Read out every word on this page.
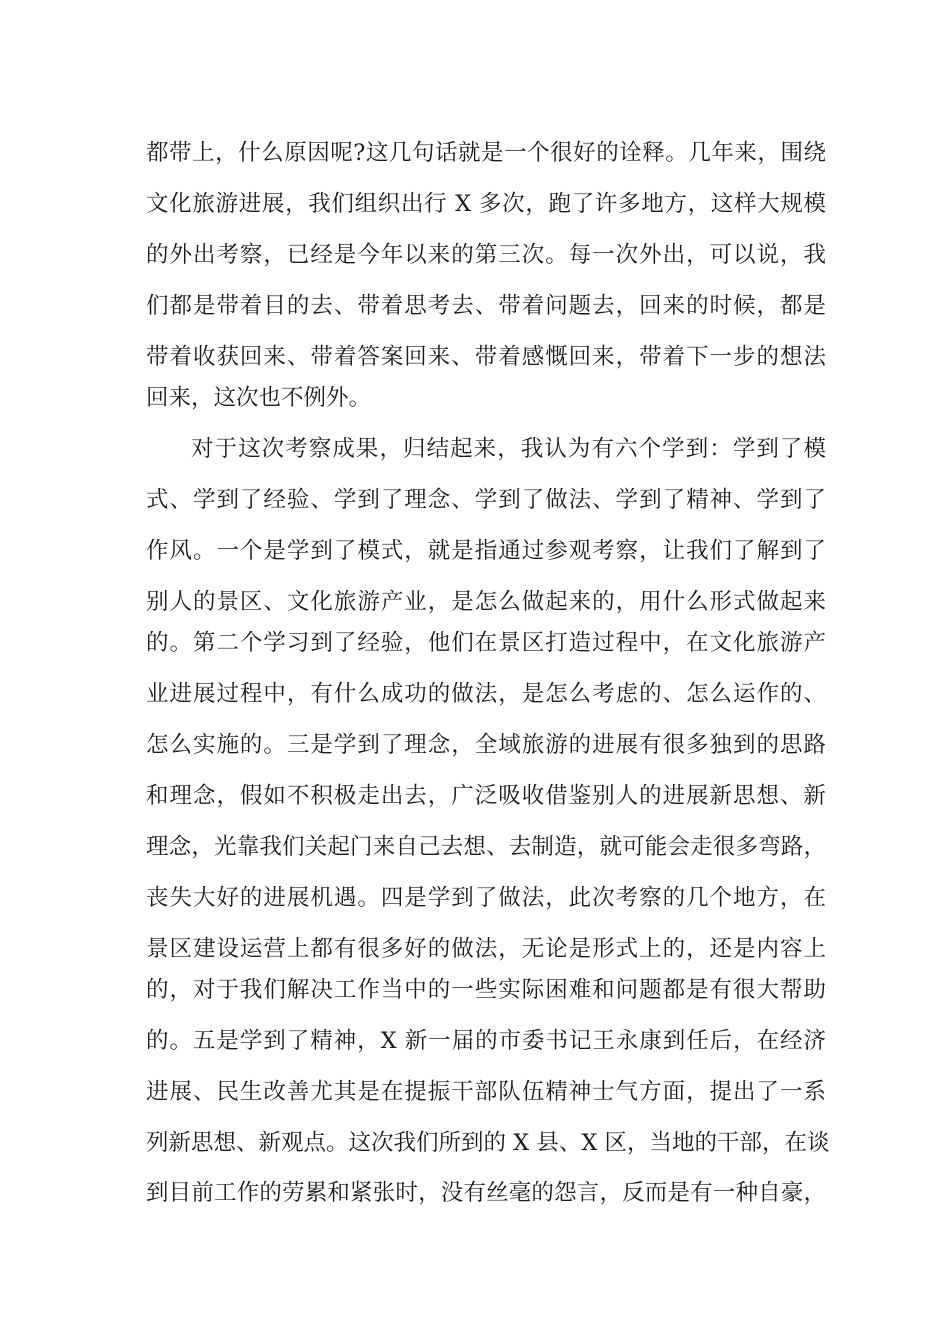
都带上，什么原因呢?这几句话就是一个很好的诠释。几年来，围绕
文化旅游进展，我们组织出行 X 多次，跑了许多地方，这样大规模
的外出考察，已经是今年以来的第三次。每一次外出，可以说，我
们都是带着目的去、带着思考去、带着问题去，回来的时候，都是
带着收获回来、带着答案回来、带着感慨回来，带着下一步的想法
回来，这次也不例外。
对于这次考察成果，归结起来，我认为有六个学到：学到了模
式、学到了经验、学到了理念、学到了做法、学到了精神、学到了
作风。一个是学到了模式，就是指通过参观考察，让我们了解到了
别人的景区、文化旅游产业，是怎么做起来的，用什么形式做起来
的。第二个学习到了经验，他们在景区打造过程中，在文化旅游产
业进展过程中，有什么成功的做法，是怎么考虑的、怎么运作的、
怎么实施的。三是学到了理念，全域旅游的进展有很多独到的思路
和理念，假如不积极走出去，广泛吸收借鉴别人的进展新思想、新
理念，光靠我们关起门来自己去想、去制造，就可能会走很多弯路，
丧失大好的进展机遇。四是学到了做法，此次考察的几个地方，在
景区建设运营上都有很多好的做法，无论是形式上的，还是内容上
的，对于我们解决工作当中的一些实际困难和问题都是有很大帮助
的。五是学到了精神，X 新一届的市委书记王永康到任后，在经济
进展、民生改善尤其是在提振干部队伍精神士气方面，提出了一系
列新思想、新观点。这次我们所到的 X 县、X 区，当地的干部，在谈
到目前工作的劳累和紧张时，没有丝毫的怨言，反而是有一种自豪，
